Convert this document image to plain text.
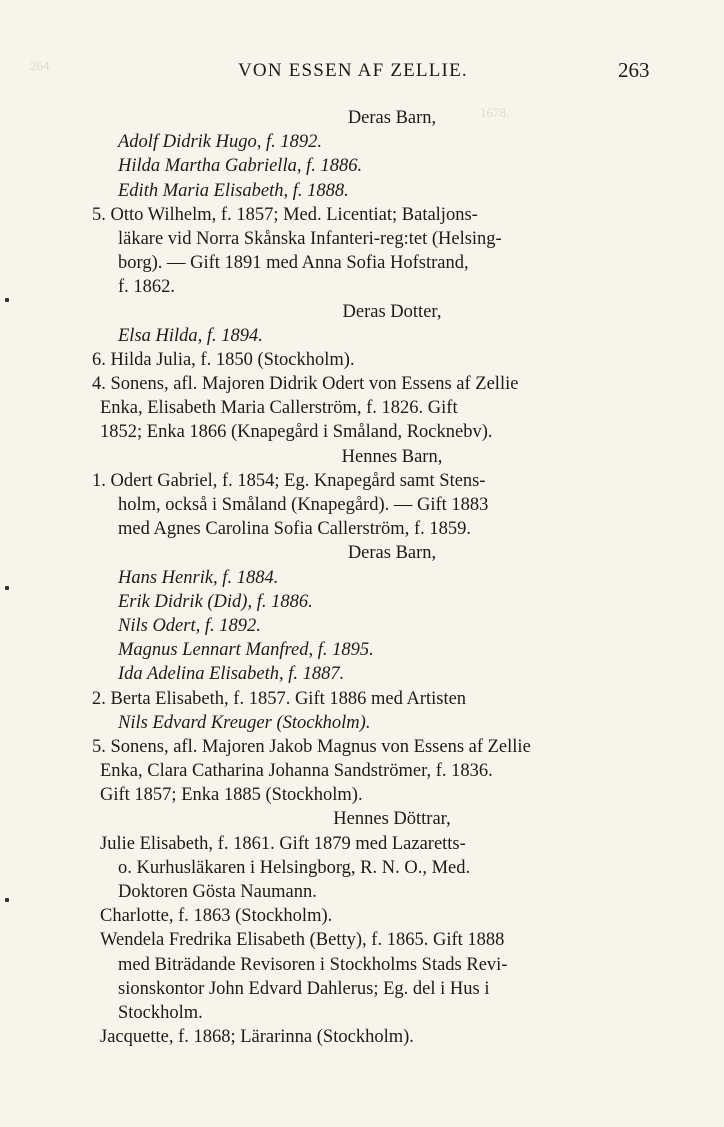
264
1678.
VON ESSEN AF ZELLIE.	263
Deras Barn,
Adolf Didrik Hugo, f. 1892.
Hilda Martha Gabriella, f. 1886.
Edith Maria Elisabeth, f. 1888.
5. Otto Wilhelm, f. 1857; Med. Licentiat; Bataljons-
läkare vid Norra Skånska Infanteri-reg:tet (Helsing-
borg). — Gift 1891 med Anna Sofia Hofstrand,
f. 1862.
Deras Dotter,
Elsa Hilda, f. 1894.
6. Hilda Julia, f. 1850 (Stockholm).
4. Sonens, afl. Majoren Didrik Odert von Essens af Zellie
Enka, Elisabeth Maria Callerström, f. 1826. Gift
1852; Enka 1866 (Knapegård i Småland, Rocknebv).
Hennes Barn,
1. Odert Gabriel, f. 1854; Eg. Knapegård samt Stens-
holm, också i Småland (Knapegård). — Gift 1883
med Agnes Carolina Sofia Callerström, f. 1859.
Deras Barn,
Hans Henrik, f. 1884.
Erik Didrik (Did), f. 1886.
Nils Odert, f. 1892.
Magnus Lennart Manfred, f. 1895.
Ida Adelina Elisabeth, f. 1887.
2. Berta Elisabeth, f. 1857. Gift 1886 med Artisten
Nils Edvard Kreuger (Stockholm).
5. Sonens, afl. Majoren Jakob Magnus von Essens af Zellie
Enka, Clara Catharina Johanna Sandströmer, f. 1836.
Gift 1857; Enka 1885 (Stockholm).
Hennes Döttrar,
Julie Elisabeth, f. 1861. Gift 1879 med Lazaretts-
o. Kurhusläkaren i Helsingborg, R. N. O., Med.
Doktoren Gösta Naumann.
Charlotte, f. 1863 (Stockholm).
Wendela Fredrika Elisabeth (Betty), f. 1865. Gift 1888
med Biträdande Revisoren i Stockholms Stads Revi-
sionskontor John Edvard Dahlerus; Eg. del i Hus i
Stockholm.
Jacquette, f. 1868; Lärarinna (Stockholm).
